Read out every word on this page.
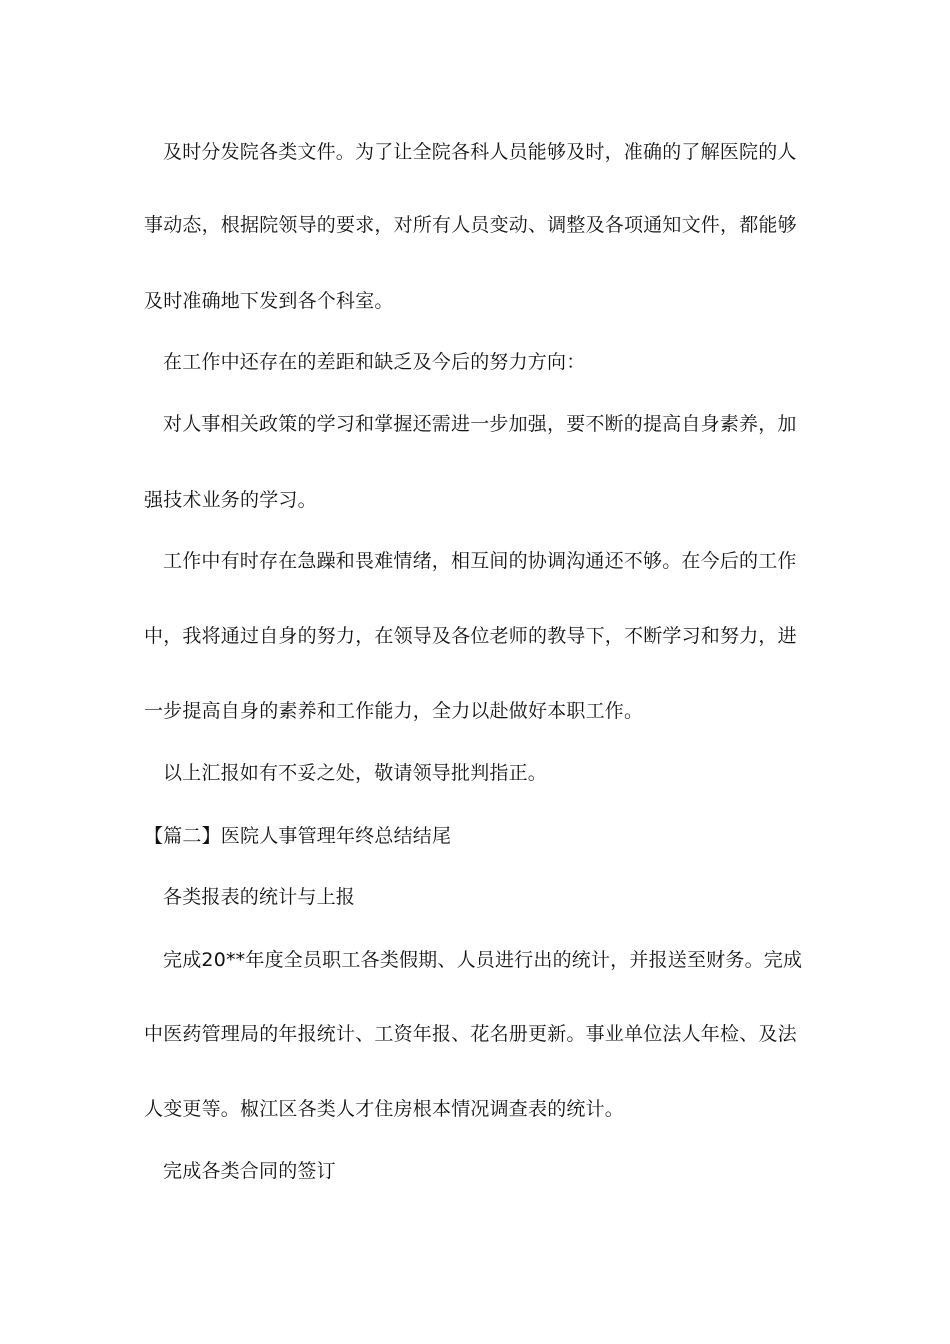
及时分发院各类文件。为了让全院各科人员能够及时，准确的了解医院的人
事动态，根据院领导的要求，对所有人员变动、调整及各项通知文件，都能够
及时准确地下发到各个科室。
在工作中还存在的差距和缺乏及今后的努力方向：
对人事相关政策的学习和掌握还需进一步加强，要不断的提高自身素养，加
强技术业务的学习。
工作中有时存在急躁和畏难情绪，相互间的协调沟通还不够。在今后的工作
中，我将通过自身的努力，在领导及各位老师的教导下，不断学习和努力，进
一步提高自身的素养和工作能力，全力以赴做好本职工作。
以上汇报如有不妥之处，敬请领导批判指正。
【篇二】医院人事管理年终总结结尾
各类报表的统计与上报
完成20**年度全员职工各类假期、人员进行出的统计，并报送至财务。完成
中医药管理局的年报统计、工资年报、花名册更新。事业单位法人年检、及法
人变更等。椒江区各类人才住房根本情况调查表的统计。
完成各类合同的签订
